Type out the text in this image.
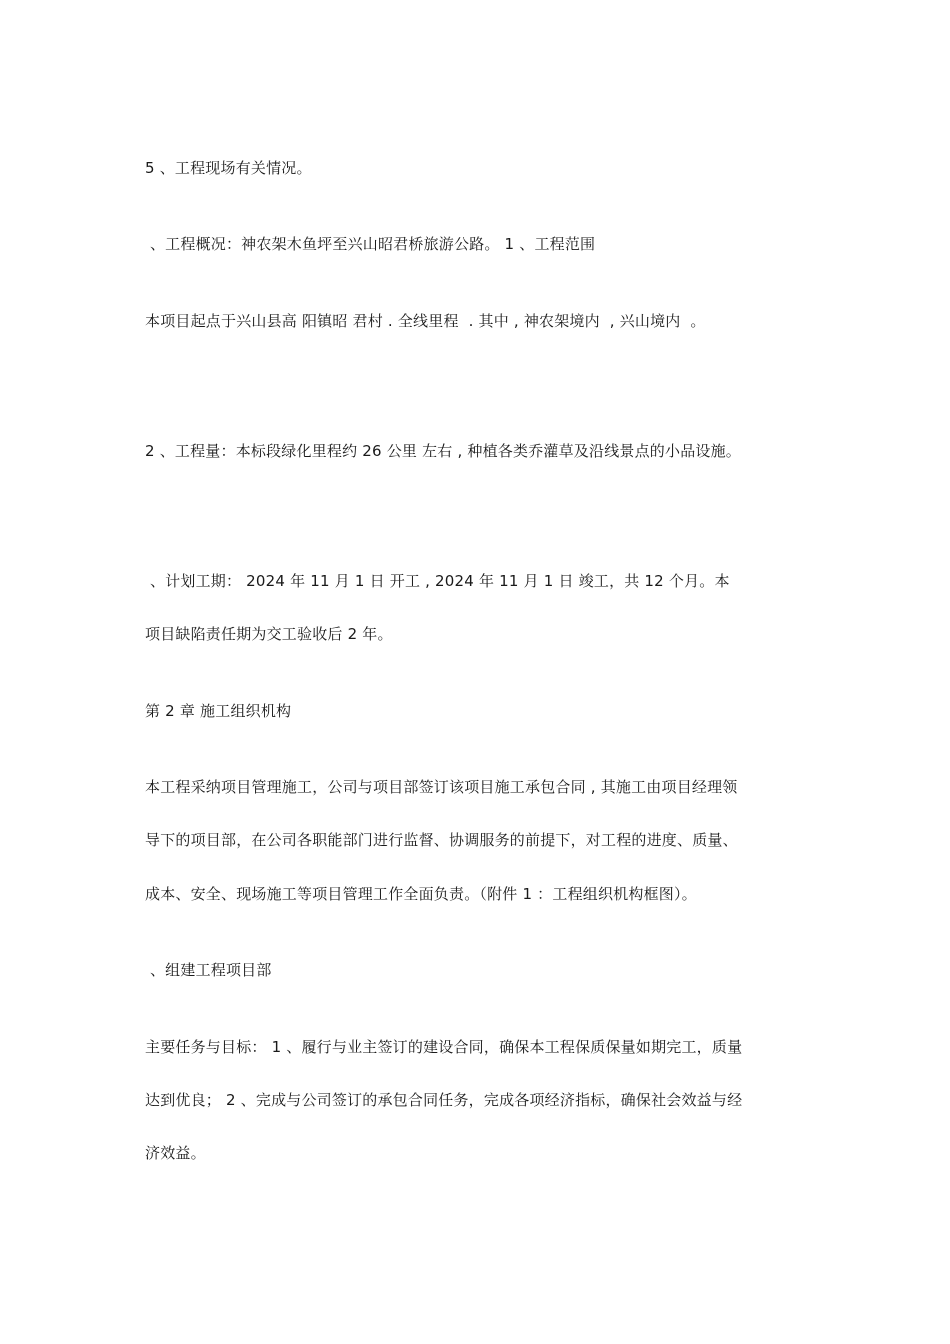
5 、工程现场有关情况。
、工程概况：神农架木鱼坪至兴山昭君桥旅游公路。 1 、工程范围
本项目起点于兴山县高 阳镇昭 君村 . 全线里程  . 其中 , 神农架境内  , 兴山境内  。
2 、工程量：本标段绿化里程约 26 公里 左右 , 种植各类乔灌草及沿线景点的小品设施。
、计划工期： 2024 年 11 月 1 日 开工 , 2024 年 11 月 1 日 竣工，共 12 个月。本
项目缺陷责任期为交工验收后 2 年。
第 2 章 施工组织机构
本工程采纳项目管理施工，公司与项目部签订该项目施工承包合同 , 其施工由项目经理领
导下的项目部，在公司各职能部门进行监督、协调服务的前提下，对工程的进度、质量、
成本、安全、现场施工等项目管理工作全面负责。（附件 1 ：工程组织机构框图）。
、组建工程项目部
主要任务与目标： 1 、履行与业主签订的建设合同，确保本工程保质保量如期完工，质量
达到优良； 2 、完成与公司签订的承包合同任务，完成各项经济指标，确保社会效益与经
济效益。
